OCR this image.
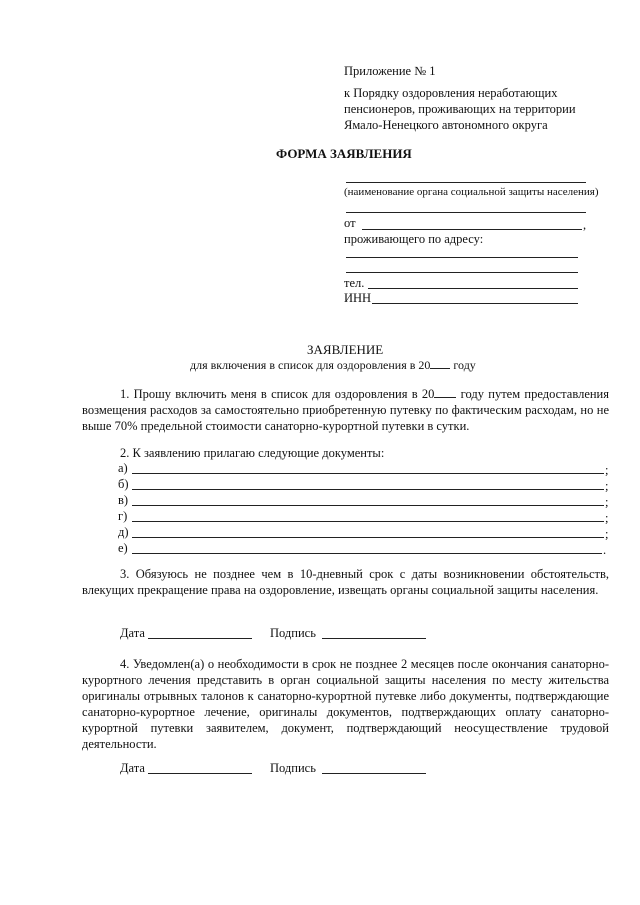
Приложение № 1
к Порядку оздоровления неработающих
пенсионеров, проживающих на территории
Ямало-Ненецкого автономного округа
ФОРМА ЗАЯВЛЕНИЯ
(наименование органа социальной защиты населения)
от	,
проживающего по адресу:
тел.
ИНН
ЗАЯВЛЕНИЕ
для включения в список для оздоровления в 20 году
1. Прошу включить меня в список для оздоровления в 20 году путем предоставления возмещения расходов за самостоятельно приобретенную путевку по фактическим расходам, но не выше 70% предельной стоимости санаторно-курортной путевки в сутки.
2. К заявлению прилагаю следующие документы:
а)	;
б)	;
в)	;
г)	;
д)	;
е)	.
3. Обязуюсь не позднее чем в 10-дневный срок с даты возникновении обстоятельств, влекущих прекращение права на оздоровление, извещать органы социальной защиты населения.
Дата	Подпись
4. Уведомлен(а) о необходимости в срок не позднее 2 месяцев после окончания санаторно-курортного лечения представить в орган социальной защиты населения по месту жительства оригиналы отрывных талонов к санаторно-курортной путевке либо документы, подтверждающие санаторно-курортное лечение, оригиналы документов, подтверждающих оплату санаторно-курортной путевки заявителем, документ, подтверждающий неосуществление трудовой деятельности.
Дата	Подпись
